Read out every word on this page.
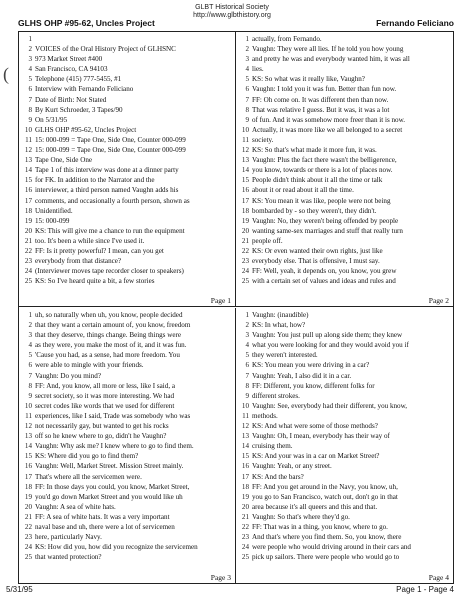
GLBT Historical Society
http://www.glbthistory.org
GLHS OHP #95-62, Uncles Project	Fernando Feliciano
(
1
2 VOICES of the Oral History Project of GLHSNC
3 973 Market Street #400
4 San Francisco, CA 94103
5 Telephone (415) 777-5455, #1
6 Interview with Fernando Feliciano
7 Date of Birth: Not Stated
8 By Kurt Schroeder, 3 Tapes/90
9 On 5/31/95
10 GLHS OHP #95-62, Uncles Project
11 15: 000-099 = Tape One, Side One, Counter 000-099
12 15: 000-099 = Tape One, Side One, Counter 000-099
13 Tape One, Side One
14 Tape 1 of this interview was done at a dinner party
15 for FK. In addition to the Narrator and the
16 interviewer, a third person named Vaughn adds his
17 comments, and occasionally a fourth person, shown as
18 Unidentified.
19 15: 000-099
20 KS: This will give me a chance to run the equipment
21 too. It's been a while since I've used it.
22 FF: Is it pretty powerful? I mean, can you get
23 everybody from that distance?
24 (Interviewer moves tape recorder closer to speakers)
25 KS: So I've heard quite a bit, a few stories
Page 1
1 actually, from Fernando.
2 Vaughn: They were all lies. If he told you how young
3 and pretty he was and everybody wanted him, it was all
4 lies.
5 KS: So what was it really like, Vaughn?
6 Vaughn: I told you it was fun. Better than fun now.
7 FF: Oh come on. It was different then than now.
8 That was relative I guess. But it was, it was a lot
9 of fun. And it was somehow more freer than it is now.
10 Actually, it was more like we all belonged to a secret
11 society.
12 KS: So that's what made it more fun, it was.
13 Vaughn: Plus the fact there wasn't the belligerence,
14 you know, towards or there is a lot of places now.
15 People didn't think about it all the time or talk
16 about it or read about it all the time.
17 KS: You mean it was like, people were not being
18 bombarded by - so they weren't, they didn't.
19 Vaughn: No, they weren't being offended by people
20 wanting same-sex marriages and stuff that really turn
21 people off.
22 KS: Or even wanted their own rights, just like
23 everybody else. That is offensive, I must say.
24 FF: Well, yeah, it depends on, you know, you grew
25 with a certain set of values and ideas and rules and
Page 2
1 uh, so naturally when uh, you know, people decided
2 that they want a certain amount of, you know, freedom
3 that they deserve, things change. Being things were
4 as they were, you make the most of it, and it was fun.
5 'Cause you had, as a sense, had more freedom. You
6 were able to mingle with your friends.
7 Vaughn: Do you mind?
8 FF: And, you know, all more or less, like I said, a
9 secret society, so it was more interesting. We had
10 secret codes like words that we used for different
11 experiences, like I said, Trade was somebody who was
12 not necessarily gay, but wanted to get his rocks
13 off so he knew where to go, didn't he Vaughn?
14 Vaughn: Why ask me? I knew where to go to find them.
15 KS: Where did you go to find them?
16 Vaughn: Well, Market Street. Mission Street mainly.
17 That's where all the servicemen were.
18 FF: In those days you could, you know, Market Street,
19 you'd go down Market Street and you would like uh
20 Vaughn: A sea of white hats.
21 FF: A sea of white hats. It was a very important
22 naval base and uh, there were a lot of servicemen
23 here, particularly Navy.
24 KS: How did you, how did you recognize the servicemen
25 that wanted protection?
Page 3
1 Vaughn: (inaudible)
2 KS: In what, how?
3 Vaughn: You just pull up along side them; they knew
4 what you were looking for and they would avoid you if
5 they weren't interested.
6 KS: You mean you were driving in a car?
7 Vaughn: Yeah, I also did it in a car.
8 FF: Different, you know, different folks for
9 different strokes.
10 Vaughn: See, everybody had their different, you know,
11 methods.
12 KS: And what were some of those methods?
13 Vaughn: Oh, I mean, everybody has their way of
14 cruising them.
15 KS: And your was in a car on Market Street?
16 Vaughn: Yeah, or any street.
17 KS: And the bars?
18 FF: And you get around in the Navy, you know, uh,
19 you go to San Francisco, watch out, don't go in that
20 area because it's all queers and this and that.
21 Vaughn: So that's where they'd go.
22 FF: That was in a thing, you know, where to go.
23 And that's where you find them. So, you know, there
24 were people who would driving around in their cars and
25 pick up sailors. There were people who would go to
Page 4
5/31/95	Page 1 - Page 4
